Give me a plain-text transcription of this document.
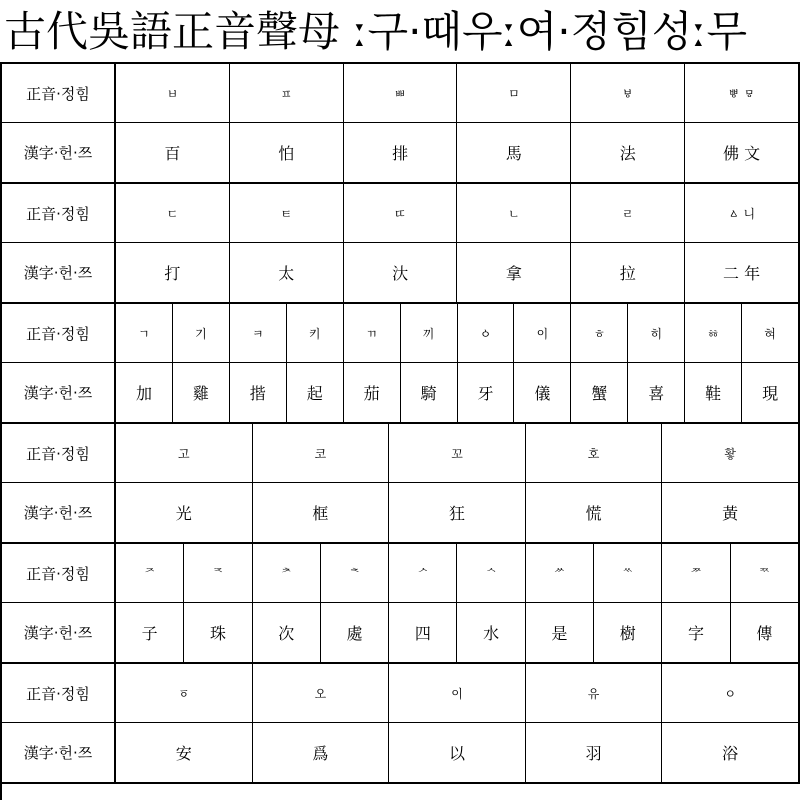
古代吳語正音聲母 ː구·때우ː여·정힘성ː무
正音·정힘	ㅂ	ㅍ	ㅃ	ㅁ	ㅸ	ㅹ ㅱ
漢字·헌·쯔	百	怕	排	馬	法	佛 文
正音·정힘	ㄷ	ㅌ	ㄸ	ㄴ	ㄹ	ㅿ 니
漢字·헌·쯔	打	太	汏	拿	拉	二 年
正音·정힘	ㄱ	기	ㅋ	키	ㄲ	끼	ㆁ	이	ㅎ	히	ㆅ	혀
漢字·헌·쯔	加	雞	揩	起	茄	騎	牙	儀	蟹	喜	鞋	現
正音·정힘	고	코	꼬	호	홯
漢字·헌·쯔	光	框	狂	慌	黃
正音·정힘	ᅎ	ᅐ	ᅔ	ᅕ	ᄼ	ᄾ	ᄽ	ᄿ	ᅏ	ᅑ
漢字·헌·쯔	子	珠	次	處	四	水	是	樹	字	傳
正音·정힘	ㆆ	오	이	유	ㅇ
漢字·헌·쯔	安	爲	以	羽	浴
